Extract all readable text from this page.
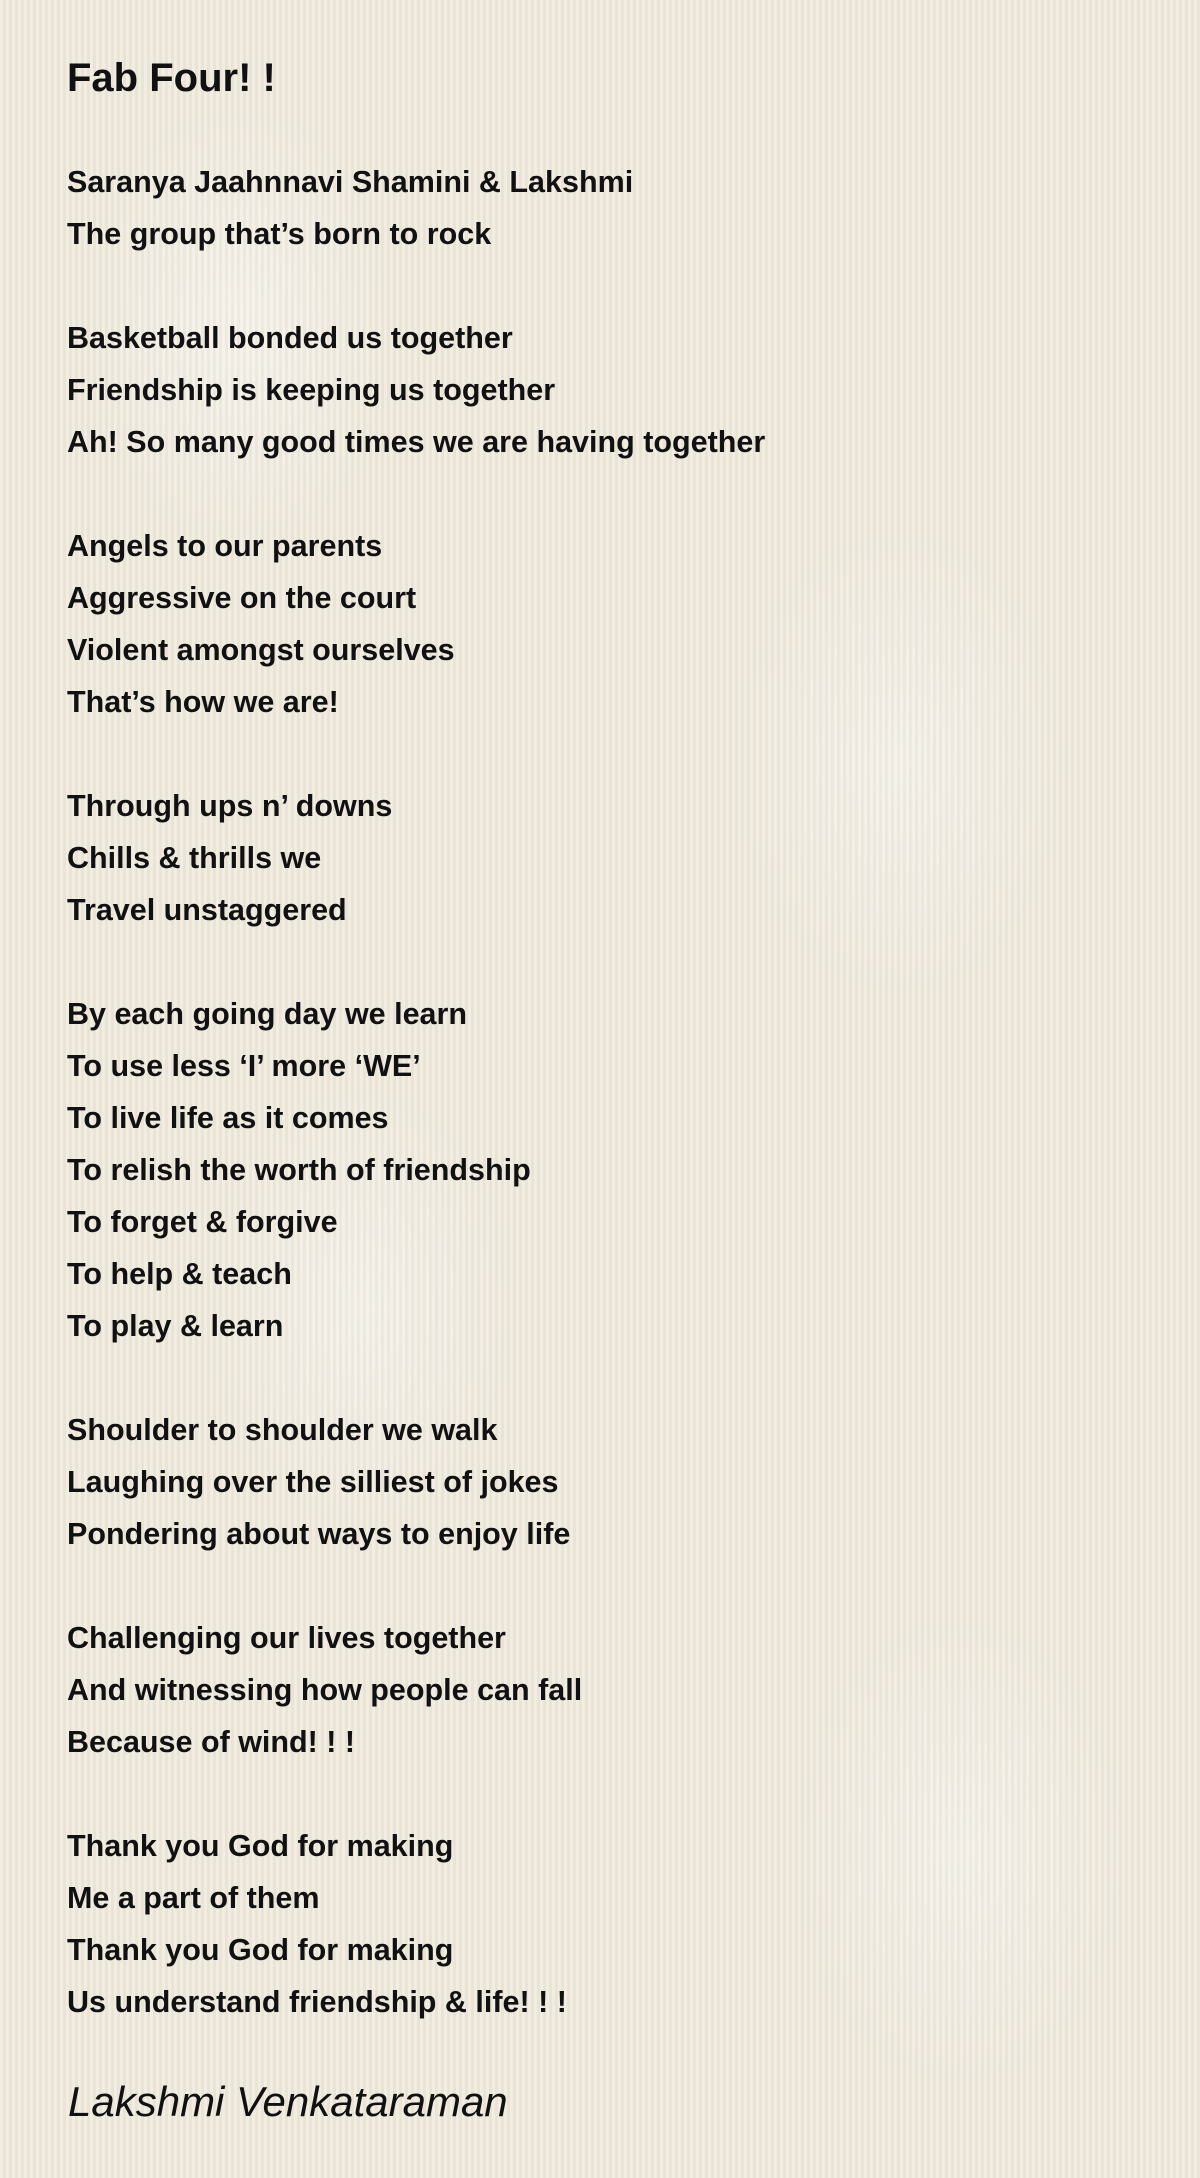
Fab Four! !

Saranya Jaahnnavi Shamini & Lakshmi
The group that’s born to rock

Basketball bonded us together
Friendship is keeping us together
Ah! So many good times we are having together

Angels to our parents
Aggressive on the court
Violent amongst ourselves
That’s how we are!

Through ups n’ downs
Chills & thrills we
Travel unstaggered

By each going day we learn
To use less ‘I’ more ‘WE’
To live life as it comes
To relish the worth of friendship
To forget & forgive
To help & teach
To play & learn

Shoulder to shoulder we walk
Laughing over the silliest of jokes
Pondering about ways to enjoy life

Challenging our lives together
And witnessing how people can fall
Because of wind! ! !

Thank you God for making
Me a part of them
Thank you God for making
Us understand friendship & life! ! !

Lakshmi Venkataraman
